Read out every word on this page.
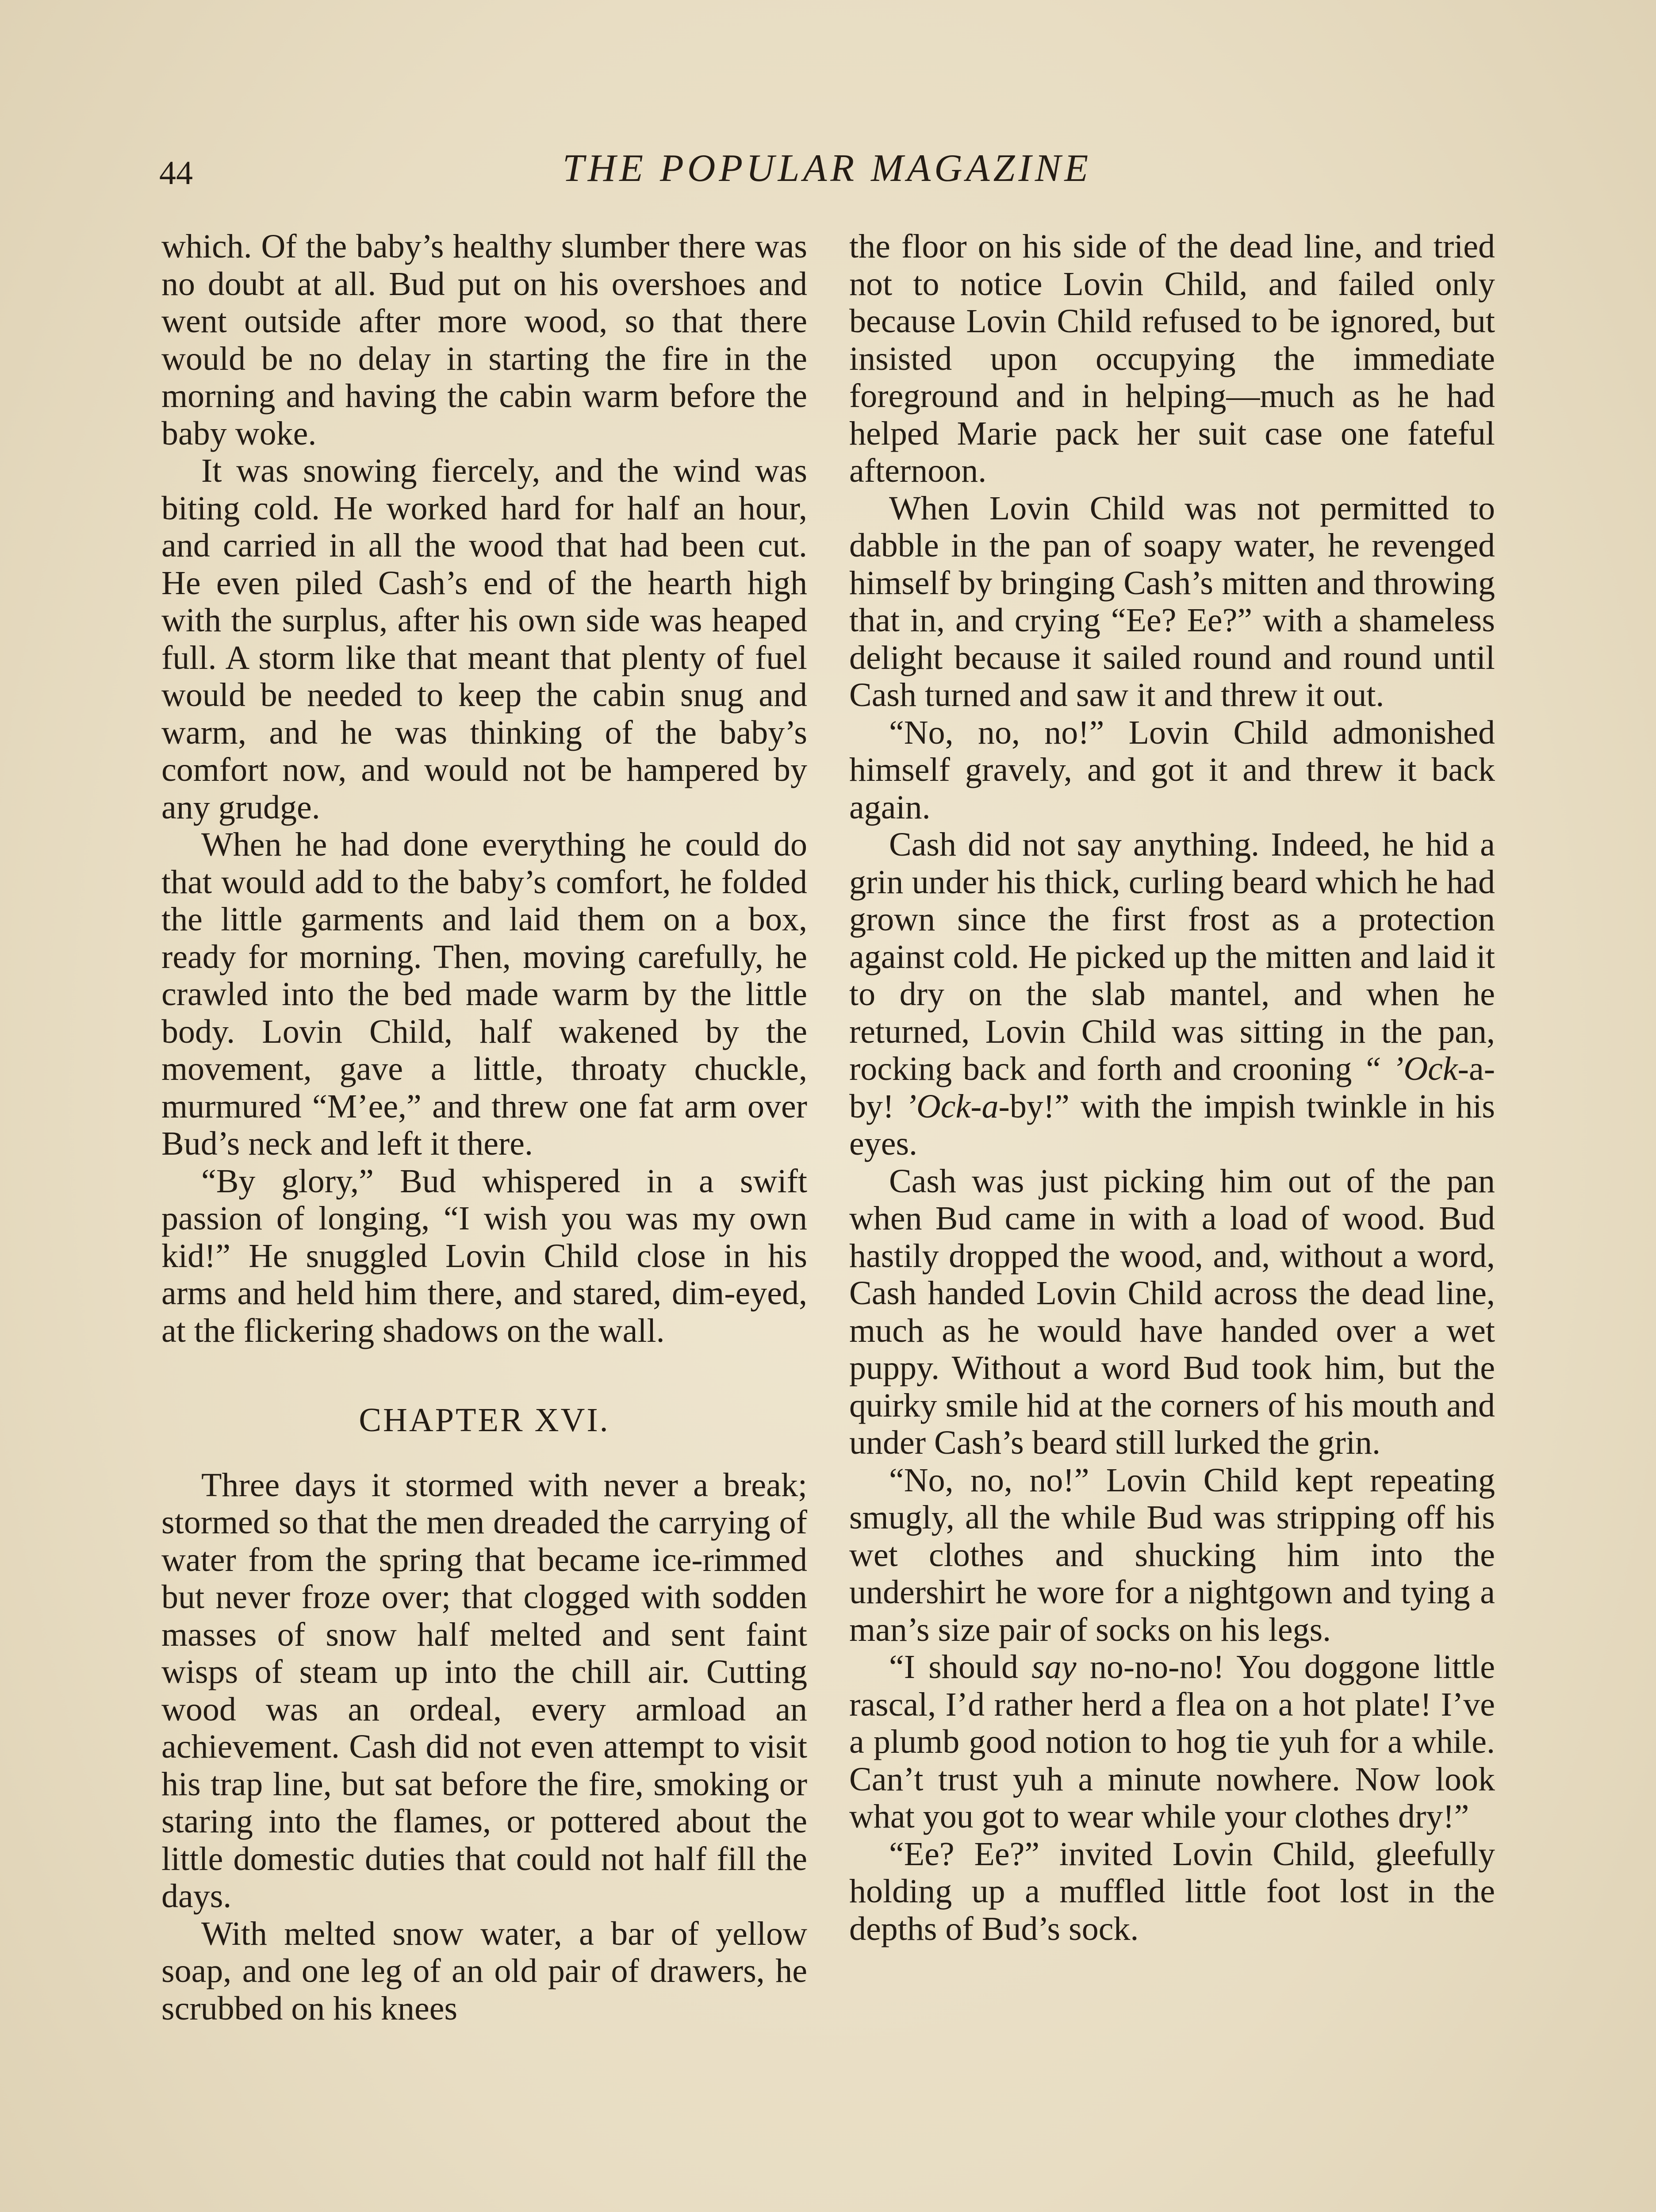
44	THE POPULAR MAGAZINE

which. Of the baby’s healthy slumber there was no doubt at all. Bud put on his overshoes and went outside after more wood, so that there would be no delay in starting the fire in the morning and having the cabin warm before the baby woke.

It was snowing fiercely, and the wind was biting cold. He worked hard for half an hour, and carried in all the wood that had been cut. He even piled Cash’s end of the hearth high with the surplus, after his own side was heaped full. A storm like that meant that plenty of fuel would be needed to keep the cabin snug and warm, and he was thinking of the baby’s comfort now, and would not be hampered by any grudge.

When he had done everything he could do that would add to the baby’s comfort, he folded the little garments and laid them on a box, ready for morning. Then, moving carefully, he crawled into the bed made warm by the little body. Lovin Child, half wakened by the movement, gave a little, throaty chuckle, murmured “M’ee,” and threw one fat arm over Bud’s neck and left it there.

“By glory,” Bud whispered in a swift passion of longing, “I wish you was my own kid!” He snuggled Lovin Child close in his arms and held him there, and stared, dim-eyed, at the flickering shadows on the wall.

CHAPTER XVI.

Three days it stormed with never a break; stormed so that the men dreaded the carrying of water from the spring that became ice-rimmed but never froze over; that clogged with sodden masses of snow half melted and sent faint wisps of steam up into the chill air. Cutting wood was an ordeal, every armload an achievement. Cash did not even attempt to visit his trap line, but sat before the fire, smoking or staring into the flames, or pottered about the little domestic duties that could not half fill the days.

With melted snow water, a bar of yellow soap, and one leg of an old pair of drawers, he scrubbed on his knees

the floor on his side of the dead line, and tried not to notice Lovin Child, and failed only because Lovin Child refused to be ignored, but insisted upon occupying the immediate foreground and in helping—much as he had helped Marie pack her suit case one fateful afternoon.

When Lovin Child was not permitted to dabble in the pan of soapy water, he revenged himself by bringing Cash’s mitten and throwing that in, and crying “Ee? Ee?” with a shameless delight because it sailed round and round until Cash turned and saw it and threw it out.

“No, no, no!” Lovin Child admonished himself gravely, and got it and threw it back again.

Cash did not say anything. Indeed, he hid a grin under his thick, curling beard which he had grown since the first frost as a protection against cold. He picked up the mitten and laid it to dry on the slab mantel, and when he returned, Lovin Child was sitting in the pan, rocking back and forth and crooning “ ’Ock-a-by! ’Ock-a-by!” with the impish twinkle in his eyes.

Cash was just picking him out of the pan when Bud came in with a load of wood. Bud hastily dropped the wood, and, without a word, Cash handed Lovin Child across the dead line, much as he would have handed over a wet puppy. Without a word Bud took him, but the quirky smile hid at the corners of his mouth and under Cash’s beard still lurked the grin.

“No, no, no!” Lovin Child kept repeating smugly, all the while Bud was stripping off his wet clothes and shucking him into the undershirt he wore for a nightgown and tying a man’s size pair of socks on his legs.

“I should say no-no-no! You doggone little rascal, I’d rather herd a flea on a hot plate! I’ve a plumb good notion to hog tie yuh for a while. Can’t trust yuh a minute nowhere. Now look what you got to wear while your clothes dry!”

“Ee? Ee?” invited Lovin Child, gleefully holding up a muffled little foot lost in the depths of Bud’s sock.
